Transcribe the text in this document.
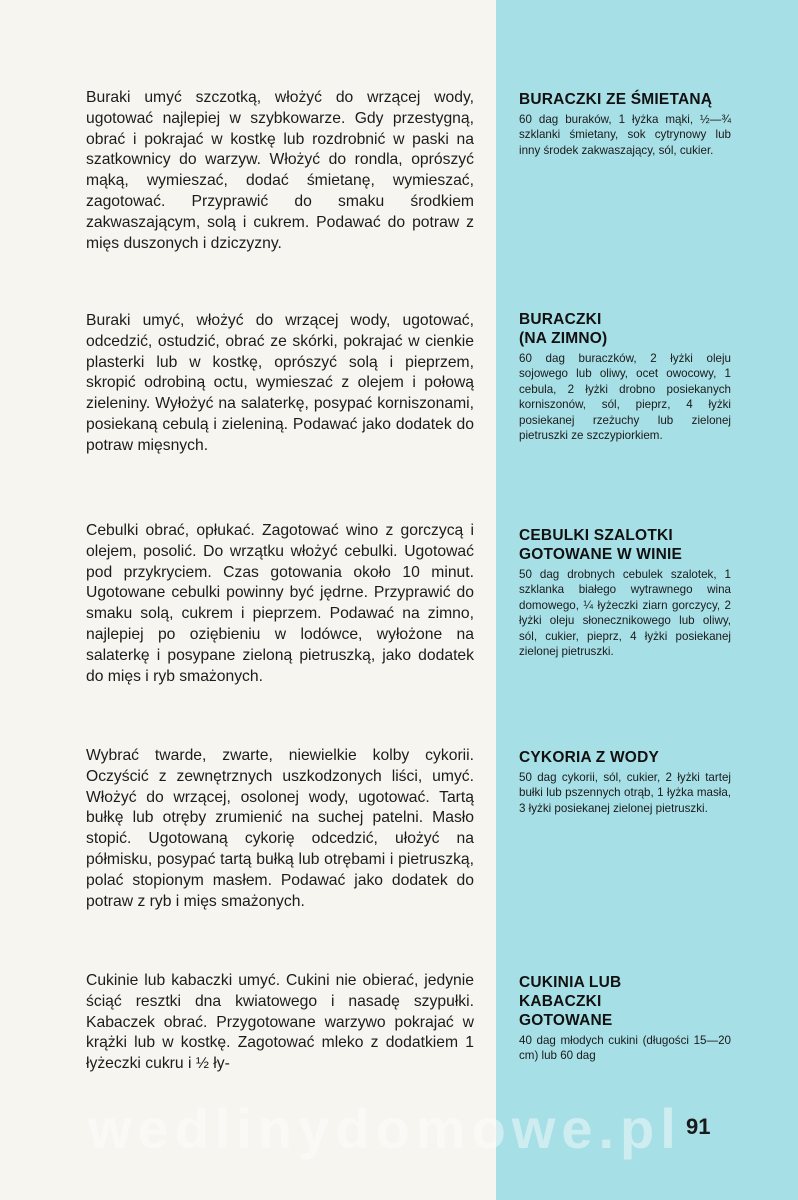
Buraki umyć szczotką, włożyć do wrzącej wody, ugotować najlepiej w szybkowarze. Gdy przestygną, obrać i pokrajać w kostkę lub rozdrobnić w paski na szatkownicy do warzyw. Włożyć do rondla, oprószyć mąką, wymieszać, dodać śmietanę, wymieszać, zagotować. Przyprawić do smaku środkiem zakwaszającym, solą i cukrem. Podawać do potraw z mięs duszonych i dziczyzny.

Buraki umyć, włożyć do wrzącej wody, ugotować, odcedzić, ostudzić, obrać ze skórki, pokrajać w cienkie plasterki lub w kostkę, oprószyć solą i pieprzem, skropić odrobiną octu, wymieszać z olejem i połową zieleniny. Wyłożyć na salaterkę, posypać korniszonami, posiekaną cebulą i zieleniną. Podawać jako dodatek do potraw mięsnych.

Cebulki obrać, opłukać. Zagotować wino z gorczycą i olejem, posolić. Do wrzątku włożyć cebulki. Ugotować pod przykryciem. Czas gotowania około 10 minut. Ugotowane cebulki powinny być jędrne. Przyprawić do smaku solą, cukrem i pieprzem. Podawać na zimno, najlepiej po oziębieniu w lodówce, wyłożone na salaterkę i posypane zieloną pietruszką, jako dodatek do mięs i ryb smażonych.

Wybrać twarde, zwarte, niewielkie kolby cykorii. Oczyścić z zewnętrznych uszkodzonych liści, umyć. Włożyć do wrzącej, osolonej wody, ugotować. Tartą bułkę lub otręby zrumienić na suchej patelni. Masło stopić. Ugotowaną cykorię odcedzić, ułożyć na półmisku, posypać tartą bułką lub otrębami i pietruszką, polać stopionym masłem. Podawać jako dodatek do potraw z ryb i mięs smażonych.

Cukinie lub kabaczki umyć. Cukini nie obierać, jedynie ściąć resztki dna kwiatowego i nasadę szypułki. Kabaczek obrać. Przygotowane warzywo pokrajać w krążki lub w kostkę. Zagotować mleko z dodatkiem 1 łyżeczki cukru i ½ ły-

BURACZKI ZE ŚMIETANĄ

60 dag buraków, 1 łyżka mąki, ½—¾ szklanki śmietany, sok cytrynowy lub inny środek zakwaszający, sól, cukier.

BURACZKI (NA ZIMNO)

60 dag buraczków, 2 łyżki oleju sojowego lub oliwy, ocet owocowy, 1 cebula, 2 łyżki drobno posiekanych korniszonów, sól, pieprz, 4 łyżki posiekanej rzeżuchy lub zielonej pietruszki ze szczypiorkiem.

CEBULKI SZALOTKI GOTOWANE W WINIE

50 dag drobnych cebulek szalotek, 1 szklanka białego wytrawnego wina domowego, ¼ łyżeczki ziarn gorczycy, 2 łyżki oleju słonecznikowego lub oliwy, sól, cukier, pieprz, 4 łyżki posiekanej zielonej pietruszki.

CYKORIA Z WODY

50 dag cykorii, sól, cukier, 2 łyżki tartej bułki lub pszennych otrąb, 1 łyżka masła, 3 łyżki posiekanej zielonej pietruszki.

CUKINIA LUB KABACZKI GOTOWANE

40 dag młodych cukini (długości 15—20 cm) lub 60 dag

wedlinydomowe.pl 91
